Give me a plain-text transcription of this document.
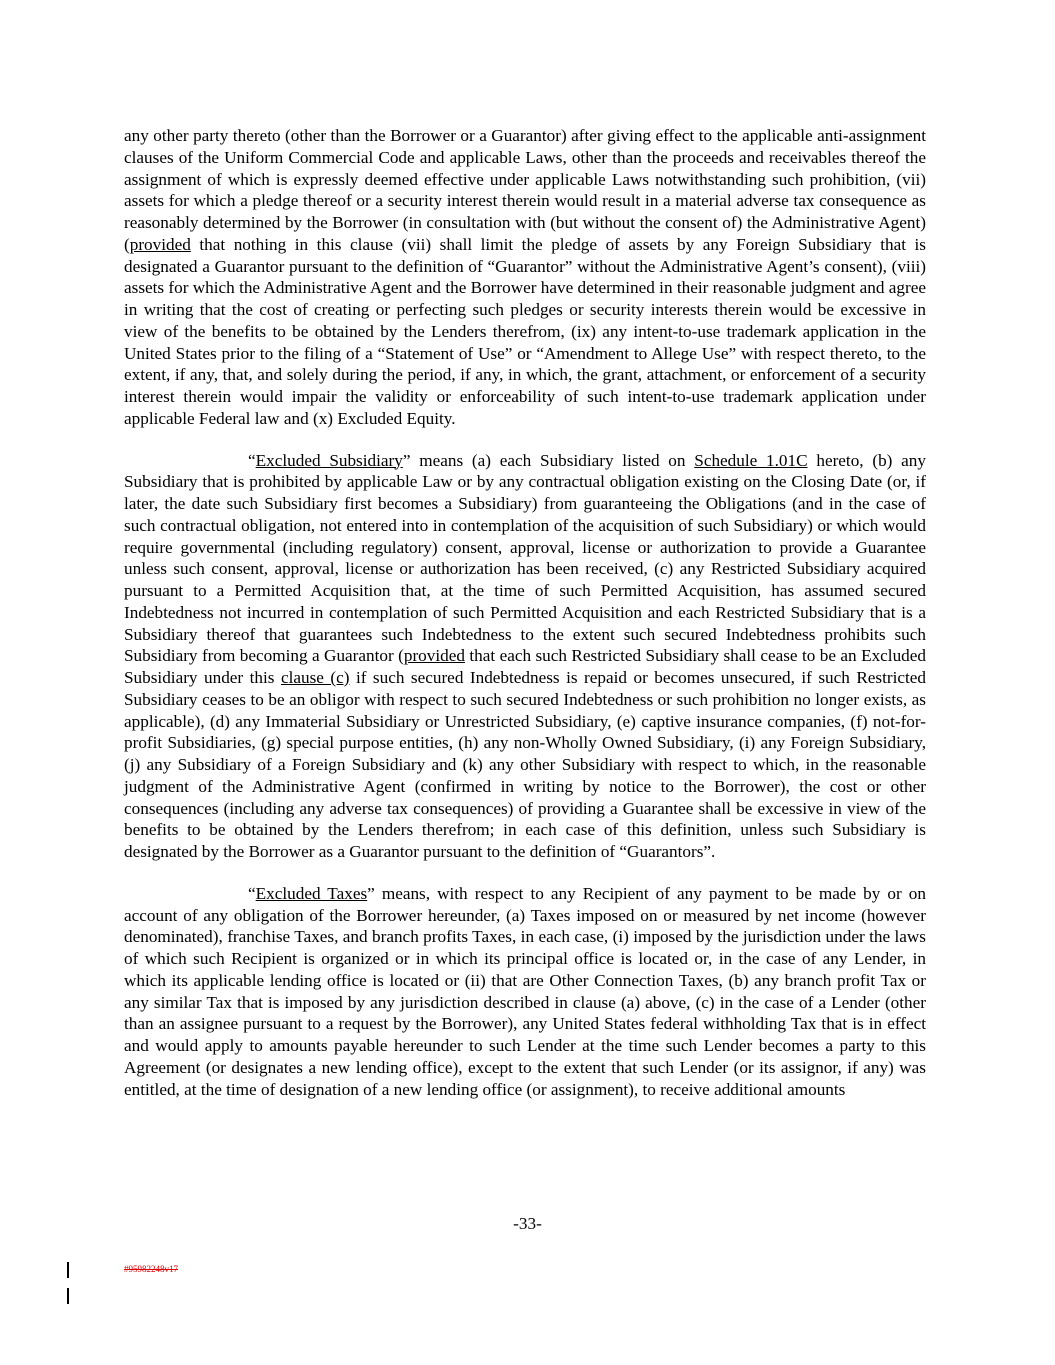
any other party thereto (other than the Borrower or a Guarantor) after giving effect to the applicable anti-assignment clauses of the Uniform Commercial Code and applicable Laws, other than the proceeds and receivables thereof the assignment of which is expressly deemed effective under applicable Laws notwithstanding such prohibition, (vii) assets for which a pledge thereof or a security interest therein would result in a material adverse tax consequence as reasonably determined by the Borrower (in consultation with (but without the consent of) the Administrative Agent) (provided that nothing in this clause (vii) shall limit the pledge of assets by any Foreign Subsidiary that is designated a Guarantor pursuant to the definition of “Guarantor” without the Administrative Agent’s consent), (viii) assets for which the Administrative Agent and the Borrower have determined in their reasonable judgment and agree in writing that the cost of creating or perfecting such pledges or security interests therein would be excessive in view of the benefits to be obtained by the Lenders therefrom, (ix) any intent-to-use trademark application in the United States prior to the filing of a “Statement of Use” or “Amendment to Allege Use” with respect thereto, to the extent, if any, that, and solely during the period, if any, in which, the grant, attachment, or enforcement of a security interest therein would impair the validity or enforceability of such intent-to-use trademark application under applicable Federal law and (x) Excluded Equity.

“Excluded Subsidiary” means (a) each Subsidiary listed on Schedule 1.01C hereto, (b) any Subsidiary that is prohibited by applicable Law or by any contractual obligation existing on the Closing Date (or, if later, the date such Subsidiary first becomes a Subsidiary) from guaranteeing the Obligations (and in the case of such contractual obligation, not entered into in contemplation of the acquisition of such Subsidiary) or which would require governmental (including regulatory) consent, approval, license or authorization to provide a Guarantee unless such consent, approval, license or authorization has been received, (c) any Restricted Subsidiary acquired pursuant to a Permitted Acquisition that, at the time of such Permitted Acquisition, has assumed secured Indebtedness not incurred in contemplation of such Permitted Acquisition and each Restricted Subsidiary that is a Subsidiary thereof that guarantees such Indebtedness to the extent such secured Indebtedness prohibits such Subsidiary from becoming a Guarantor (provided that each such Restricted Subsidiary shall cease to be an Excluded Subsidiary under this clause (c) if such secured Indebtedness is repaid or becomes unsecured, if such Restricted Subsidiary ceases to be an obligor with respect to such secured Indebtedness or such prohibition no longer exists, as applicable), (d) any Immaterial Subsidiary or Unrestricted Subsidiary, (e) captive insurance companies, (f) not-for-profit Subsidiaries, (g) special purpose entities, (h) any non-Wholly Owned Subsidiary, (i) any Foreign Subsidiary, (j) any Subsidiary of a Foreign Subsidiary and (k) any other Subsidiary with respect to which, in the reasonable judgment of the Administrative Agent (confirmed in writing by notice to the Borrower), the cost or other consequences (including any adverse tax consequences) of providing a Guarantee shall be excessive in view of the benefits to be obtained by the Lenders therefrom; in each case of this definition, unless such Subsidiary is designated by the Borrower as a Guarantor pursuant to the definition of “Guarantors”.

“Excluded Taxes” means, with respect to any Recipient of any payment to be made by or on account of any obligation of the Borrower hereunder, (a) Taxes imposed on or measured by net income (however denominated), franchise Taxes, and branch profits Taxes, in each case, (i) imposed by the jurisdiction under the laws of which such Recipient is organized or in which its principal office is located or, in the case of any Lender, in which its applicable lending office is located or (ii) that are Other Connection Taxes, (b) any branch profit Tax or any similar Tax that is imposed by any jurisdiction described in clause (a) above, (c) in the case of a Lender (other than an assignee pursuant to a request by the Borrower), any United States federal withholding Tax that is in effect and would apply to amounts payable hereunder to such Lender at the time such Lender becomes a party to this Agreement (or designates a new lending office), except to the extent that such Lender (or its assignor, if any) was entitled, at the time of designation of a new lending office (or assignment), to receive additional amounts

-33-
#95982248v17
